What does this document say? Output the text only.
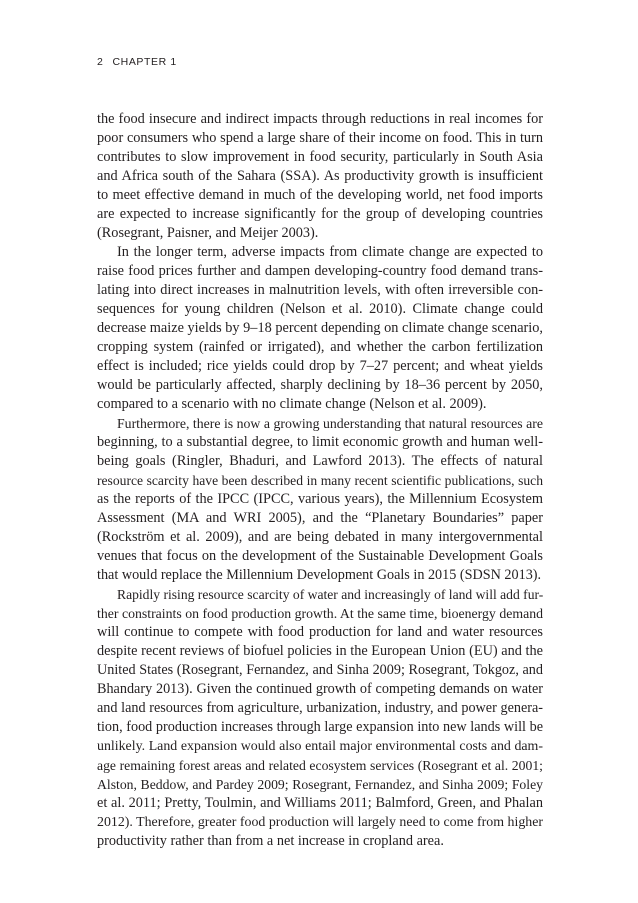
2 CHAPTER 1
the food insecure and indirect impacts through reductions in real incomes for
poor consumers who spend a large share of their income on food. This in turn
contributes to slow improvement in food security, particularly in South Asia
and Africa south of the Sahara (SSA). As productivity growth is insufficient
to meet effective demand in much of the developing world, net food imports
are expected to increase significantly for the group of developing countries
(Rosegrant, Paisner, and Meijer 2003).
In the longer term, adverse impacts from climate change are expected to
raise food prices further and dampen developing-country food demand trans-
lating into direct increases in malnutrition levels, with often irreversible con-
sequences for young children (Nelson et al. 2010). Climate change could
decrease maize yields by 9–18 percent depending on climate change scenario,
cropping system (rainfed or irrigated), and whether the carbon fertilization
effect is included; rice yields could drop by 7–27 percent; and wheat yields
would be particularly affected, sharply declining by 18–36 percent by 2050,
compared to a scenario with no climate change (Nelson et al. 2009).
Furthermore, there is now a growing understanding that natural resources are
beginning, to a substantial degree, to limit economic growth and human well-
being goals (Ringler, Bhaduri, and Lawford 2013). The effects of natural
resource scarcity have been described in many recent scientific publications, such
as the reports of the IPCC (IPCC, various years), the Millennium Ecosystem
Assessment (MA and WRI 2005), and the “Planetary Boundaries” paper
(Rockström et al. 2009), and are being debated in many intergovernmental
venues that focus on the development of the Sustainable Development Goals
that would replace the Millennium Development Goals in 2015 (SDSN 2013).
Rapidly rising resource scarcity of water and increasingly of land will add fur-
ther constraints on food production growth. At the same time, bioenergy demand
will continue to compete with food production for land and water resources
despite recent reviews of biofuel policies in the European Union (EU) and the
United States (Rosegrant, Fernandez, and Sinha 2009; Rosegrant, Tokgoz, and
Bhandary 2013). Given the continued growth of competing demands on water
and land resources from agriculture, urbanization, industry, and power genera-
tion, food production increases through large expansion into new lands will be
unlikely. Land expansion would also entail major environmental costs and dam-
age remaining forest areas and related ecosystem services (Rosegrant et al. 2001;
Alston, Beddow, and Pardey 2009; Rosegrant, Fernandez, and Sinha 2009; Foley
et al. 2011; Pretty, Toulmin, and Williams 2011; Balmford, Green, and Phalan
2012). Therefore, greater food production will largely need to come from higher
productivity rather than from a net increase in cropland area.
